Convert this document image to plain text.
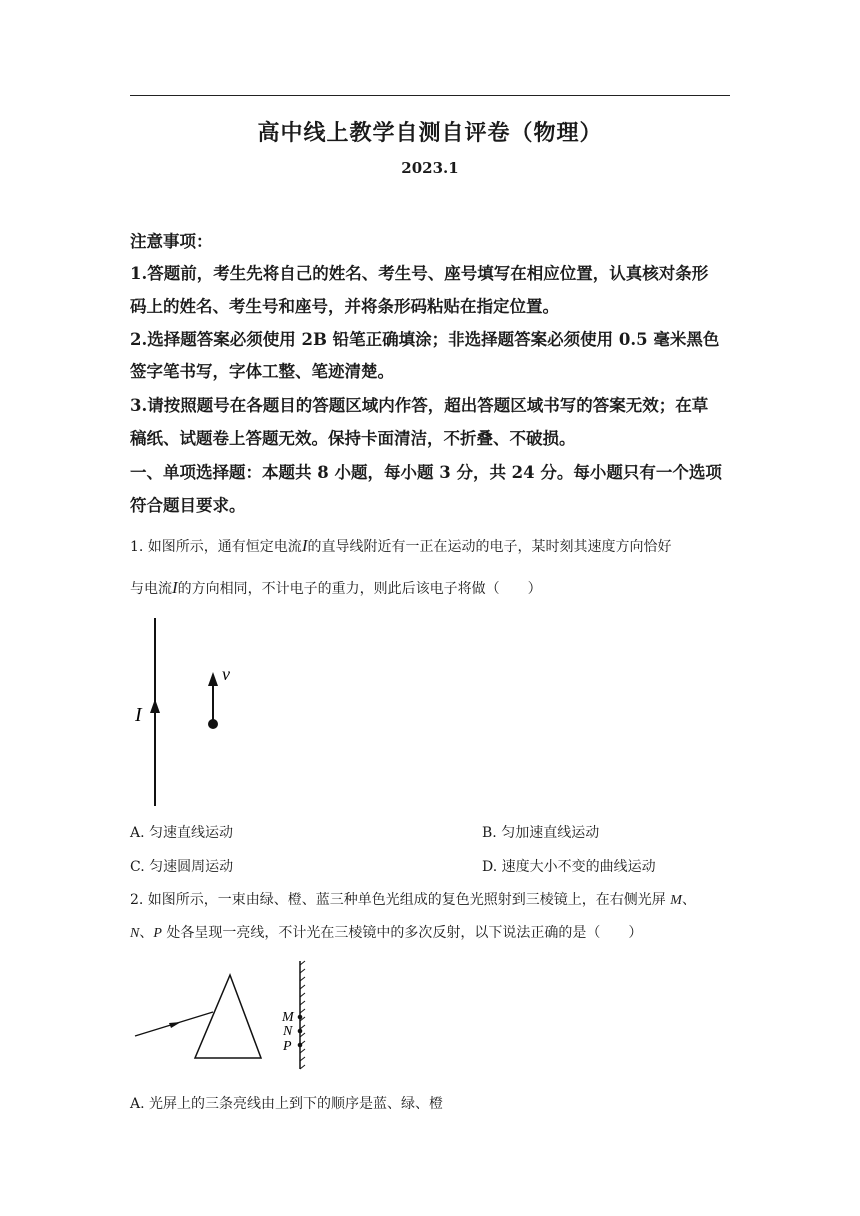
高中线上教学自测自评卷（物理）
2023.1
注意事项：
1.答题前，考生先将自己的姓名、考生号、座号填写在相应位置，认真核对条形
码上的姓名、考生号和座号，并将条形码粘贴在指定位置。
2.选择题答案必须使用 2B 铅笔正确填涂；非选择题答案必须使用 0.5 毫米黑色
签字笔书写，字体工整、笔迹清楚。
3.请按照题号在各题目的答题区域内作答，超出答题区域书写的答案无效；在草
稿纸、试题卷上答题无效。保持卡面清洁，不折叠、不破损。
一、单项选择题：本题共 8 小题，每小题 3 分，共 24 分。每小题只有一个选项
符合题目要求。
1. 如图所示，通有恒定电流I的直导线附近有一正在运动的电子，某时刻其速度方向恰好
与电流I的方向相同，不计电子的重力，则此后该电子将做（　　）
I
v
A. 匀速直线运动	B. 匀加速直线运动
C. 匀速圆周运动	D. 速度大小不变的曲线运动
2. 如图所示，一束由绿、橙、蓝三种单色光组成的复色光照射到三棱镜上，在右侧光屏 M、
N、P 处各呈现一亮线，不计光在三棱镜中的多次反射，以下说法正确的是（　　）
M
N
P
A. 光屏上的三条亮线由上到下的顺序是蓝、绿、橙
